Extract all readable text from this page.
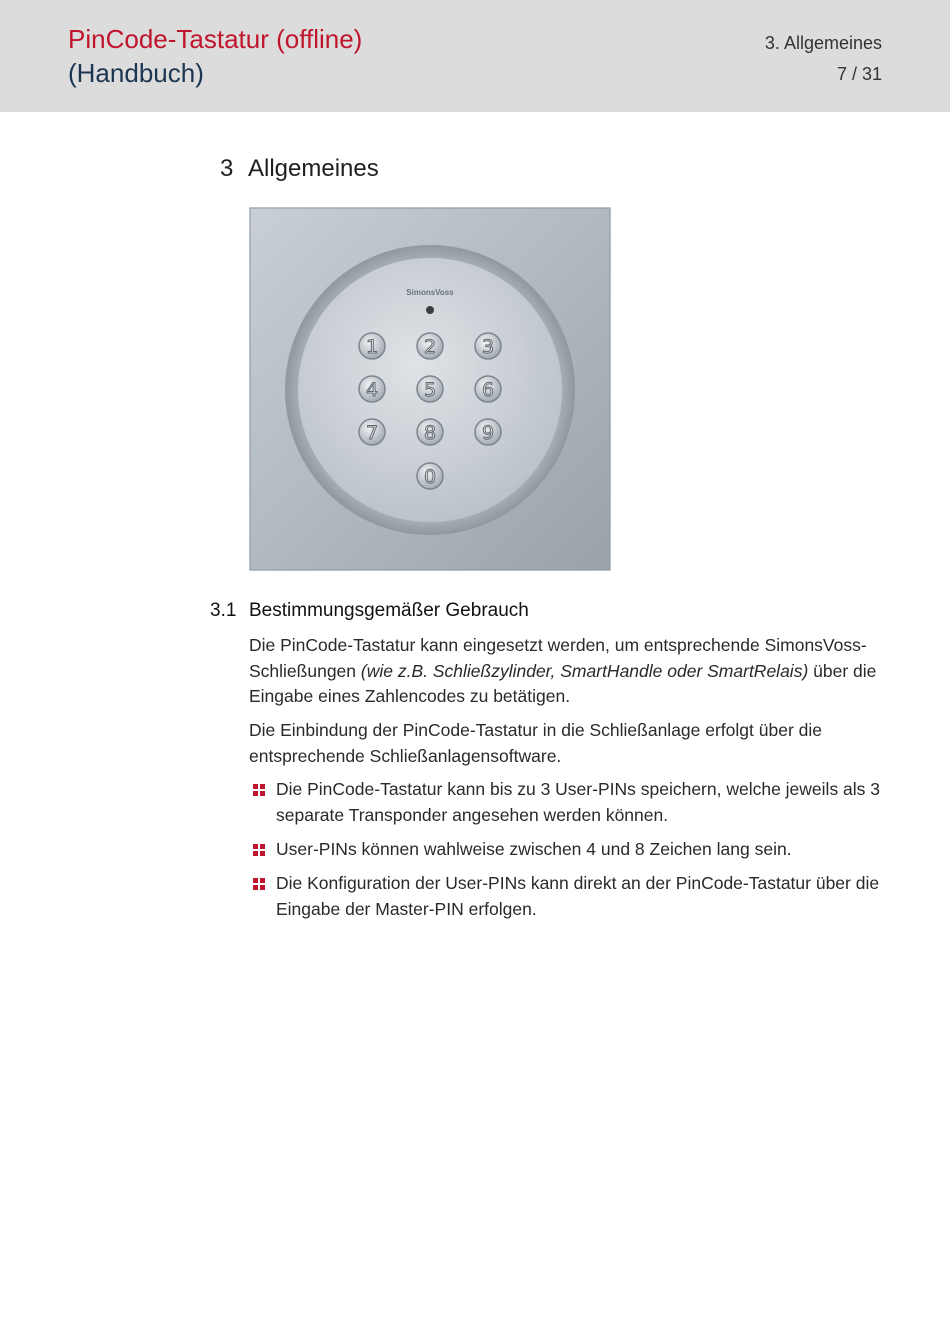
PinCode-Tastatur (offline)
(Handbuch)
3. Allgemeines
7 / 31
3 Allgemeines
SimonsVoss
1 2 3
4 5 6
7 8 9
0
3.1 Bestimmungsgemäßer Gebrauch
Die PinCode-Tastatur kann eingesetzt werden, um entsprechende SimonsVoss-Schließungen (wie z.B. Schließzylinder, SmartHandle oder SmartRelais) über die Eingabe eines Zahlencodes zu betätigen.
Die Einbindung der PinCode-Tastatur in die Schließanlage erfolgt über die entsprechende Schließanlagensoftware.
Die PinCode-Tastatur kann bis zu 3 User-PINs speichern, welche jeweils als 3 separate Transponder angesehen werden können.
User-PINs können wahlweise zwischen 4 und 8 Zeichen lang sein.
Die Konfiguration der User-PINs kann direkt an der PinCode-Tastatur über die Eingabe der Master-PIN erfolgen.
